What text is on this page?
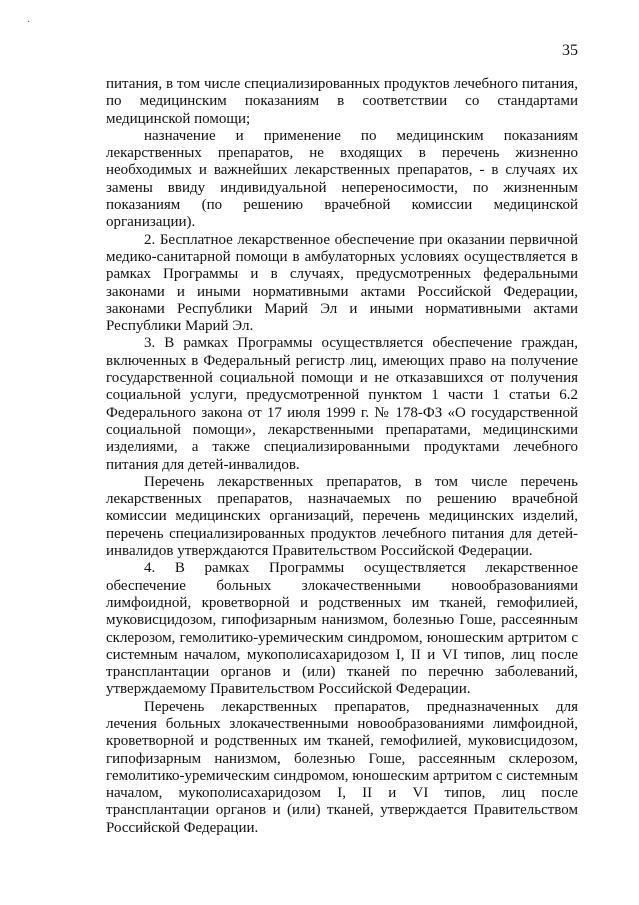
·
35

питания, в том числе специализированных продуктов лечебного питания, по медицинским показаниям в соответствии со стандартами медицинской помощи;

назначение и применение по медицинским показаниям лекарственных препаратов, не входящих в перечень жизненно необходимых и важнейших лекарственных препаратов, - в случаях их замены ввиду индивидуальной непереносимости, по жизненным показаниям (по решению врачебной комиссии медицинской организации).

2. Бесплатное лекарственное обеспечение при оказании первичной медико-санитарной помощи в амбулаторных условиях осуществляется в рамках Программы и в случаях, предусмотренных федеральными законами и иными нормативными актами Российской Федерации, законами Республики Марий Эл и иными нормативными актами Республики Марий Эл.

3. В рамках Программы осуществляется обеспечение граждан, включенных в Федеральный регистр лиц, имеющих право на получение государственной социальной помощи и не отказавшихся от получения социальной услуги, предусмотренной пунктом 1 части 1 статьи 6.2 Федерального закона от 17 июля 1999 г. № 178-ФЗ «О государственной социальной помощи», лекарственными препаратами, медицинскими изделиями, а также специализированными продуктами лечебного питания для детей-инвалидов.

Перечень лекарственных препаратов, в том числе перечень лекарственных препаратов, назначаемых по решению врачебной комиссии медицинских организаций, перечень медицинских изделий, перечень специализированных продуктов лечебного питания для детей-инвалидов утверждаются Правительством Российской Федерации.

4. В рамках Программы осуществляется лекарственное обеспечение больных злокачественными новообразованиями лимфоидной, кроветворной и родственных им тканей, гемофилией, муковисцидозом, гипофизарным нанизмом, болезнью Гоше, рассеянным склерозом, гемолитико-уремическим синдромом, юношеским артритом с системным началом, мукополисахаридозом I, II и VI типов, лиц после трансплантации органов и (или) тканей по перечню заболеваний, утверждаемому Правительством Российской Федерации.

Перечень лекарственных препаратов, предназначенных для лечения больных злокачественными новообразованиями лимфоидной, кроветворной и родственных им тканей, гемофилией, муковисцидозом, гипофизарным нанизмом, болезнью Гоше, рассеянным склерозом, гемолитико-уремическим синдромом, юношеским артритом с системным началом, мукополисахаридозом I, II и VI типов, лиц после трансплантации органов и (или) тканей, утверждается Правительством Российской Федерации.
